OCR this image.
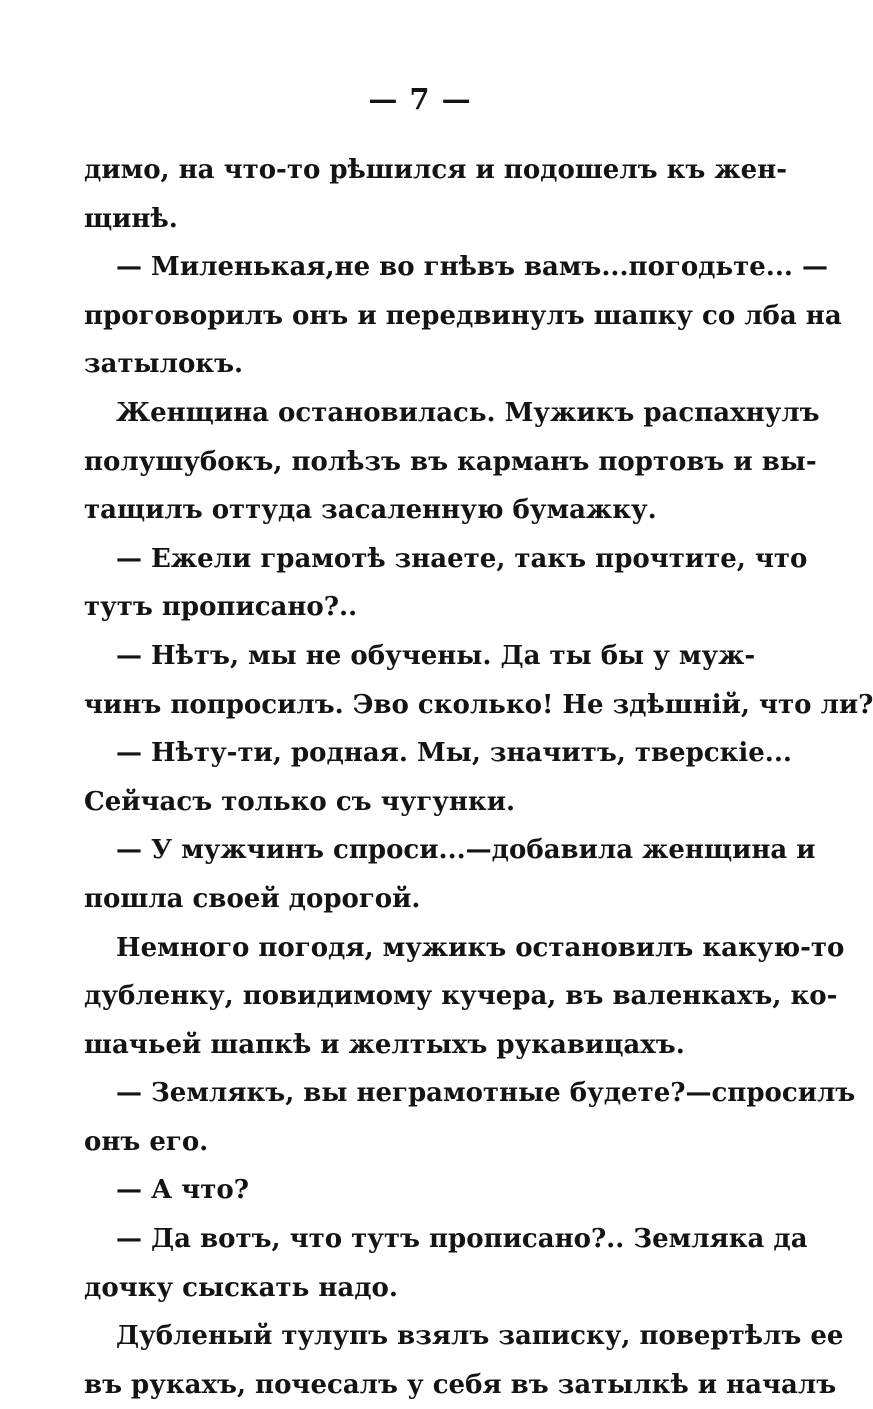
— 7 —
димо, на что-то рѣшился и подошелъ къ жен-
щинѣ.
— Миленькая,не во гнѣвъ вамъ...погодьте... —
проговорилъ онъ и передвинулъ шапку со лба на
затылокъ.
Женщина остановилась. Мужикъ распахнулъ
полушубокъ, полѣзъ въ карманъ портовъ и вы-
тащилъ оттуда засаленную бумажку.
— Ежели грамотѣ знаете, такъ прочтите, что
тутъ прописано?..
— Нѣтъ, мы не обучены. Да ты бы у муж-
чинъ попросилъ. Эво сколько! Не здѣшній, что ли?
— Нѣту-ти, родная. Мы, значитъ, тверскіе...
Сейчасъ только съ чугунки.
— У мужчинъ спроси...—добавила женщина и
пошла своей дорогой.
Немного погодя, мужикъ остановилъ какую-то
дубленку, повидимому кучера, въ валенкахъ, ко-
шачьей шапкѣ и желтыхъ рукавицахъ.
— Землякъ, вы неграмотные будете?—спросилъ
онъ его.
— А что?
— Да вотъ, что тутъ прописано?.. Земляка да
дочку сыскать надо.
Дубленый тулупъ взялъ записку, повертѣлъ ее
въ рукахъ, почесалъ у себя въ затылкѣ и началъ
